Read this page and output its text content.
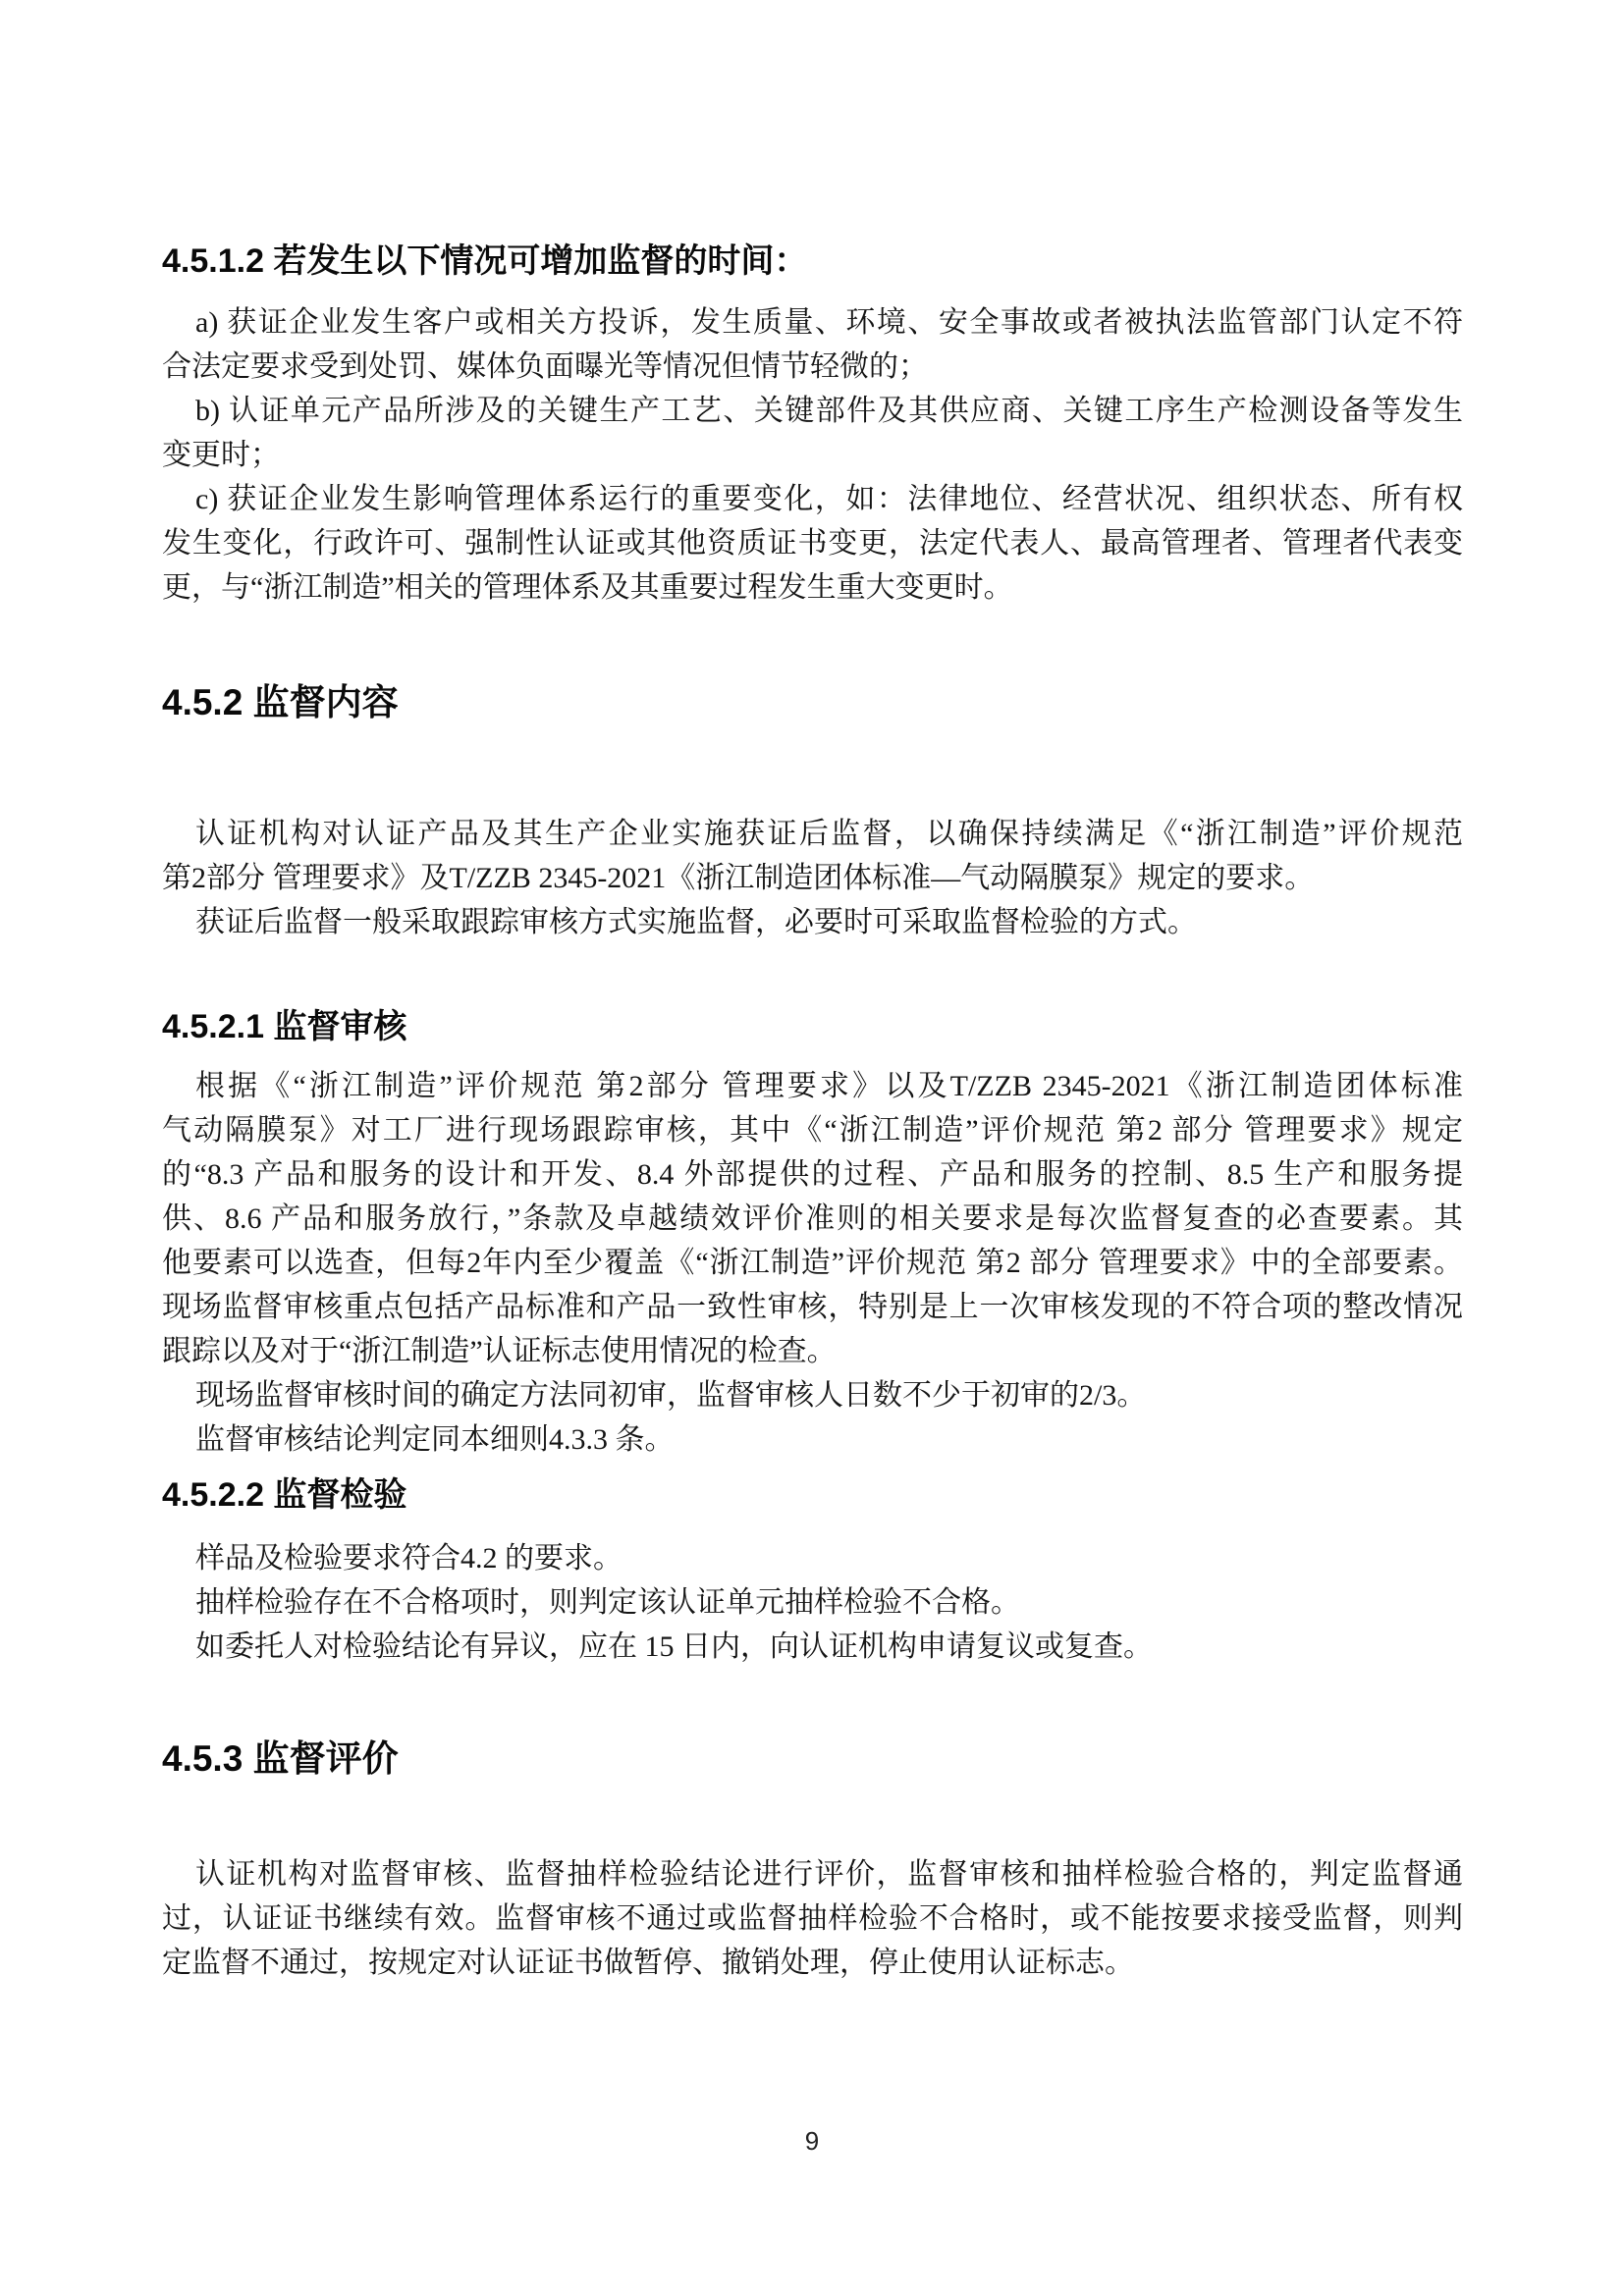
4.5.1.2 若发生以下情况可增加监督的时间：
a) 获证企业发生客户或相关方投诉，发生质量、环境、安全事故或者被执法监管部门认定不符
合法定要求受到处罚、媒体负面曝光等情况但情节轻微的；
b) 认证单元产品所涉及的关键生产工艺、关键部件及其供应商、关键工序生产检测设备等发生
变更时；
c) 获证企业发生影响管理体系运行的重要变化，如：法律地位、经营状况、组织状态、所有权
发生变化，行政许可、强制性认证或其他资质证书变更，法定代表人、最高管理者、管理者代表变
更，与“浙江制造”相关的管理体系及其重要过程发生重大变更时。
4.5.2 监督内容
认证机构对认证产品及其生产企业实施获证后监督，以确保持续满足《“浙江制造”评价规范
第2部分 管理要求》及T/ZZB 2345-2021《浙江制造团体标准—气动隔膜泵》规定的要求。
获证后监督一般采取跟踪审核方式实施监督，必要时可采取监督检验的方式。
4.5.2.1 监督审核
根据《“浙江制造”评价规范 第2部分 管理要求》以及T/ZZB 2345-2021《浙江制造团体标准
气动隔膜泵》对工厂进行现场跟踪审核，其中《“浙江制造”评价规范 第2 部分 管理要求》规定
的“8.3 产品和服务的设计和开发、8.4 外部提供的过程、产品和服务的控制、8.5 生产和服务提
供、8.6 产品和服务放行，”条款及卓越绩效评价准则的相关要求是每次监督复查的必查要素。其
他要素可以选查，但每2年内至少覆盖《“浙江制造”评价规范 第2 部分 管理要求》中的全部要素。
现场监督审核重点包括产品标准和产品一致性审核，特别是上一次审核发现的不符合项的整改情况
跟踪以及对于“浙江制造”认证标志使用情况的检查。
现场监督审核时间的确定方法同初审，监督审核人日数不少于初审的2/3。
监督审核结论判定同本细则4.3.3 条。
4.5.2.2 监督检验
样品及检验要求符合4.2 的要求。
抽样检验存在不合格项时，则判定该认证单元抽样检验不合格。
如委托人对检验结论有异议，应在 15 日内，向认证机构申请复议或复查。
4.5.3 监督评价
认证机构对监督审核、监督抽样检验结论进行评价，监督审核和抽样检验合格的，判定监督通
过，认证证书继续有效。监督审核不通过或监督抽样检验不合格时，或不能按要求接受监督，则判
定监督不通过，按规定对认证证书做暂停、撤销处理，停止使用认证标志。
9
